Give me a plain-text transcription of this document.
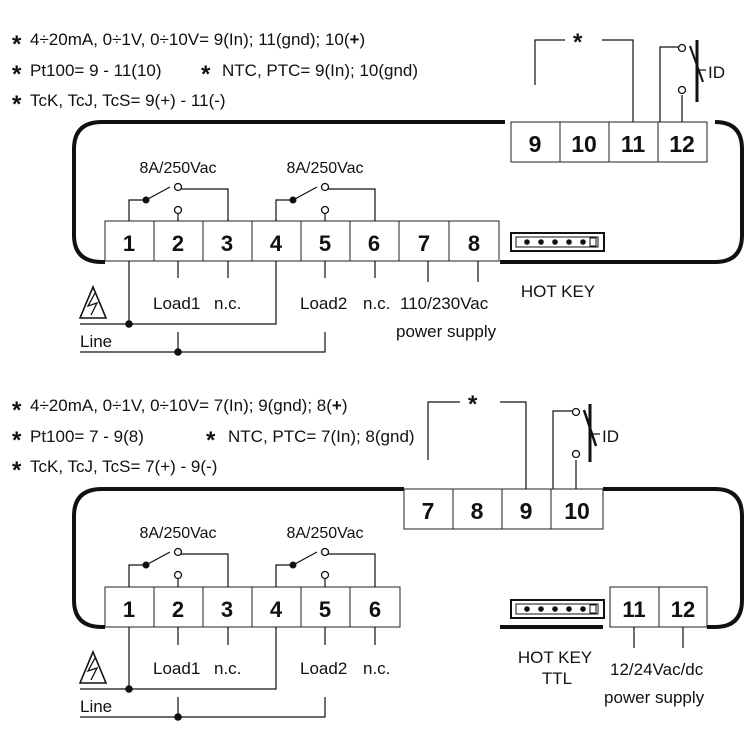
* 4÷20mA, 0÷1V, 0÷10V= 9(In); 11(gnd); 10(+)
* Pt100= 9 - 11(10) * NTC, PTC= 9(In); 10(gnd)
* TcK, TcJ, TcS= 9(+) - 11(-)
9 10 11 12
*
ID
1 2 3 4 5 6 7 8
8A/250Vac	8A/250Vac
HOT KEY
Load1 n.c.	Load2 n.c. 110/230Vac
power supply
Line
* 4÷20mA, 0÷1V, 0÷10V= 7(In); 9(gnd); 8(+)
* Pt100= 7 - 9(8)	* NTC, PTC= 7(In); 8(gnd)
* TcK, TcJ, TcS= 7(+) - 9(-)
7 8 9 10
*
ID
1 2 3 4 5 6	11 12
8A/250Vac	8A/250Vac
HOT KEY
TTL
Load1 n.c.	Load2 n.c.	12/24Vac/dc
power supply
Line
